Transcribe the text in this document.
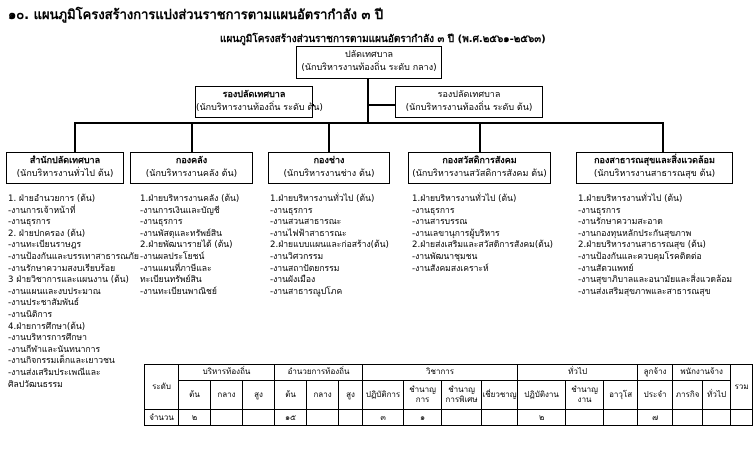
๑๐. แผนภูมิโครงสร้างการแบ่งส่วนราชการตามแผนอัตรากำลัง ๓ ปี
แผนภูมิโครงสร้างส่วนราชการตามแผนอัตรากำลัง ๓ ปี (พ.ศ.๒๕๖๑-๒๕๖๓)
ปลัดเทศบาล
(นักบริหารงานท้องถิ่น ระดับ กลาง)
รองปลัดเทศบาล
(นักบริหารงานท้องถิ่น ระดับ ต้น)
รองปลัดเทศบาล
(นักบริหารงานท้องถิ่น ระดับ ต้น)
สำนักปลัดเทศบาล
(นักบริหารงานทั่วไป ต้น)
กองคลัง
(นักบริหารงานคลัง ต้น)
กองช่าง
(นักบริหารงานช่าง ต้น)
กองสวัสดิการสังคม
(นักบริหารงานสวัสดิการสังคม ต้น)
กองสาธารณสุขและสิ่งแวดล้อม
(นักบริหารงานสาธารณสุข ต้น)
1. ฝ่ายอำนวยการ (ต้น)
-งานการเจ้าหน้าที่
-งานธุรการ
2. ฝ่ายปกครอง (ต้น)
-งานทะเบียนราษฎร
-งานป้องกันและบรรเทาสาธารณภัย
-งานรักษาความสงบเรียบร้อย
3 ฝ่ายวิชาการและแผนงาน (ต้น)
-งานแผนและงบประมาณ
-งานประชาสัมพันธ์
-งานนิติการ
4.ฝ่ายการศึกษา(ต้น)
-งานบริหารการศึกษา
-งานกีฬาและนันทนาการ
-งานกิจกรรมเด็กและเยาวชน
-งานส่งเสริมประเพณีและ
ศิลปวัฒนธรรม
1.ฝ่ายบริหารงานคลัง (ต้น)
-งานการเงินและบัญชี
-งานธุรการ
-งานพัสดุและทรัพย์สิน
2.ฝ่ายพัฒนารายได้ (ต้น)
-งานผลประโยชน์
-งานแผนที่ภาษีและ
ทะเบียนทรัพย์สิน
-งานทะเบียนพาณิชย์
1.ฝ่ายบริหารงานทั่วไป (ต้น)
-งานธุรการ
-งานสวนสาธารณะ
-งานไฟฟ้าสาธารณะ
2.ฝ่ายแบบแผนและก่อสร้าง(ต้น)
-งานวิศวกรรม
-งานสถาปัตยกรรม
-งานผังเมือง
-งานสาธารณูปโภค
1.ฝ่ายบริหารงานทั่วไป (ต้น)
-งานธุรการ
-งานสารบรรณ
-งานเลขานุการผู้บริหาร
2.ฝ่ายส่งเสริมและสวัสดิการสังคม(ต้น)
-งานพัฒนาชุมชน
-งานสังคมสงเคราะห์
1.ฝ่ายบริหารงานทั่วไป (ต้น)
-งานธุรการ
-งานรักษาความสะอาด
-งานกองทุนหลักประกันสุขภาพ
2.ฝ่ายบริหารงานสาธารณสุข (ต้น)
-งานป้องกันและควบคุมโรคติดต่อ
-งานสัตวแพทย์
-งานสุขาภิบาลและอนามัยและสิ่งแวดล้อม
-งานส่งเสริมสุขภาพและสาธารณสุข
ระดับ	บริหารท้องถิ่น			อำนวยการท้องถิ่น			วิชาการ				ทั่วไป			ลูกจ้าง	พนักงานจ้าง		รวม
	ต้น	กลาง	สูง	ต้น	กลาง	สูง	ปฏิบัติการ	ชำนาญการ	ชำนาญการพิเศษ	เชี่ยวชาญ	ปฏิบัติงาน	ชำนาญงาน	อาวุโส	ประจำ	ภารกิจ	ทั่วไป	
จำนวน	๒			๑๕			๓	๑			๒			๗			
